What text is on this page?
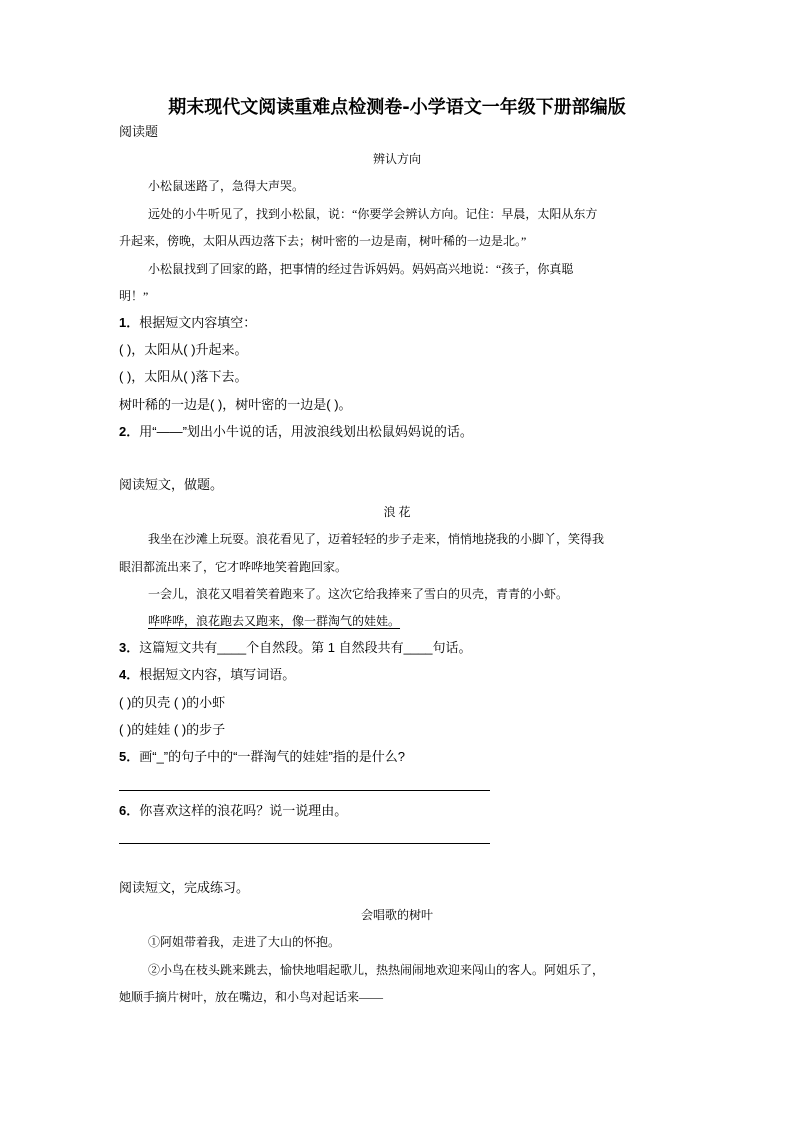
期末现代文阅读重难点检测卷-小学语文一年级下册部编版
阅读题
辨认方向
小松鼠迷路了，急得大声哭。
远处的小牛听见了，找到小松鼠，说：“你要学会辨认方向。记住：早晨，太阳从东方
升起来，傍晚，太阳从西边落下去；树叶密的一边是南，树叶稀的一边是北。”
小松鼠找到了回家的路，把事情的经过告诉妈妈。妈妈高兴地说：“孩子，你真聪
明！”
1．根据短文内容填空：
( )，太阳从( )升起来。
( )，太阳从( )落下去。
树叶稀的一边是( )，树叶密的一边是( )。
2．用“——”划出小牛说的话，用波浪线划出松鼠妈妈说的话。
阅读短文，做题。
浪 花
我坐在沙滩上玩耍。浪花看见了，迈着轻轻的步子走来，悄悄地挠我的小脚丫，笑得我
眼泪都流出来了，它才哗哗地笑着跑回家。
一会儿，浪花又唱着笑着跑来了。这次它给我捧来了雪白的贝壳，青青的小虾。
哗哗哗，浪花跑去又跑来，像一群淘气的娃娃。
3．这篇短文共有____个自然段。第 1 自然段共有____句话。
4．根据短文内容，填写词语。
( )的贝壳 ( )的小虾
( )的娃娃 ( )的步子
5．画“_”的句子中的“一群淘气的娃娃”指的是什么?
6．你喜欢这样的浪花吗？说一说理由。
阅读短文，完成练习。
会唱歌的树叶
①阿姐带着我，走进了大山的怀抱。
②小鸟在枝头跳来跳去，愉快地唱起歌儿，热热闹闹地欢迎来闯山的客人。阿姐乐了，
她顺手摘片树叶，放在嘴边，和小鸟对起话来——
